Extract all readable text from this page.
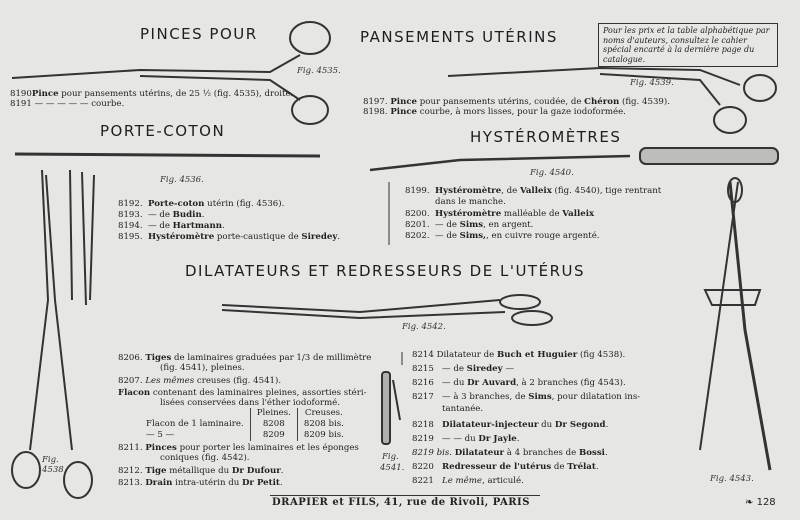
PINCES POUR	PANSEMENTS UTÉRINS
PORTE-COTON	HYSTÉROMÈTRES
DILATATEURS ET REDRESSEURS DE L'UTÉRUS
Pour les prix et la table alphabétique par noms d'auteurs, consultez le cahier spécial encarté à la dernière page du catalogue.
Fig. 4535.
Fig. 4539.
Fig. 4536.
Fig. 4540.
Fig. 4542.
Fig.
4538
Fig.
4541.
Fig. 4543.
8190Pince pour pansements utérins, de 25 ½ (fig. 4535), droite.
8191 — — — — — courbe.	8197. Pince pour pansements utérins, coudée, de Chéron (fig. 4539).
8198. Pince courbe, à mors lisses, pour la gaze iodoformée.
8192. Porte-coton utérin (fig. 4536).
8193. — de Budin.
8194. — de Hartmann.
8195. Hystéromètre porte-caustique de Siredey.
8199. Hystéromètre, de Valleix (fig. 4540), tige rentrant
dans le manche.
8200. Hystéromètre malléable de Valleix
8201. — de Sims, en argent.
8202. — de Sims,, en cuivre rouge argenté.
8206. Tiges de laminaires graduées par 1/3 de millimètre
(fig. 4541), pleines.
8207. Les mêmes creuses (fig. 4541).
Flacon contenant des laminaires pleines, assorties stéri-
lisées conservées dans l'éther iodoformé.
	Pleines.	Creuses.
Flacon de 1 laminaire.	8208	8208 bis.
— 5 —	8209	8209 bis.
8211. Pinces pour porter les laminaires et les éponges
coniques (fig. 4542).
8212. Tige métallique du Dr Dufour.
8213. Drain intra-utérin du Dr Petit.
8214 Dilatateur de Buch et Huguier (fig 4538).
8215 — de Siredey —
8216 — du Dr Auvard, à 2 branches (fig 4543).
8217 — à 3 branches, de Sims, pour dilatation ins-
tantanée.
8218 Dilatateur-injecteur du Dr Segond.
8219 — — du Dr Jayle.
8219 bis. Dilatateur à 4 branches de Bossi.
8220 Redresseur de l'utérus de Trélat.
8221 Le même, articulé.
DRAPIER et FILS, 41, rue de Rivoli, PARIS	❧ 128
